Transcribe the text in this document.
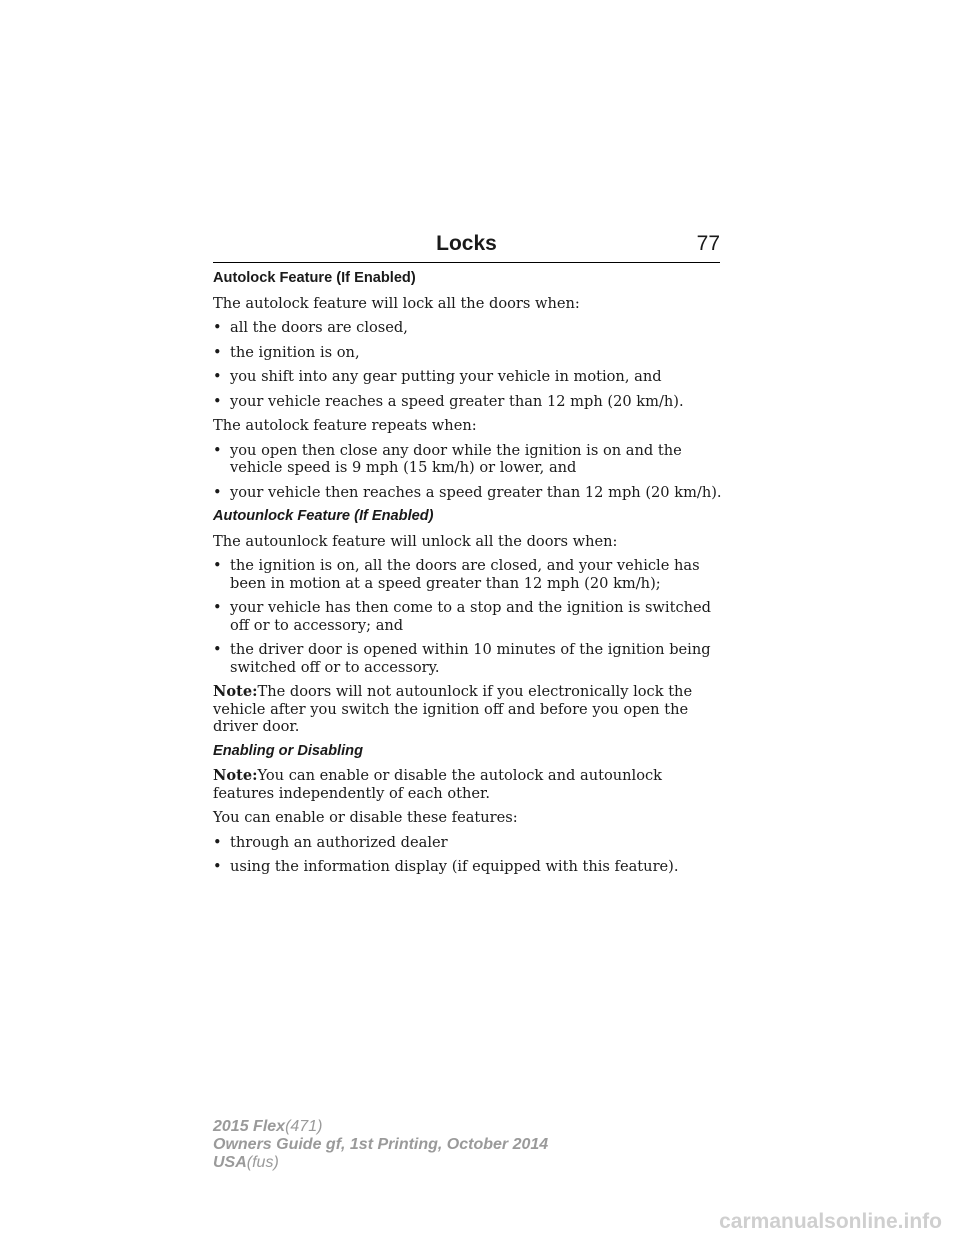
Locks	77
Autolock Feature (If Enabled)

The autolock feature will lock all the doors when:

• all the doors are closed,
• the ignition is on,
• you shift into any gear putting your vehicle in motion, and
• your vehicle reaches a speed greater than 12 mph (20 km/h).

The autolock feature repeats when:

• you open then close any door while the ignition is on and the vehicle speed is 9 mph (15 km/h) or lower, and
• your vehicle then reaches a speed greater than 12 mph (20 km/h).
Autounlock Feature (If Enabled)

The autounlock feature will unlock all the doors when:

• the ignition is on, all the doors are closed, and your vehicle has been in motion at a speed greater than 12 mph (20 km/h);
• your vehicle has then come to a stop and the ignition is switched off or to accessory; and
• the driver door is opened within 10 minutes of the ignition being switched off or to accessory.

Note:The doors will not autounlock if you electronically lock the vehicle after you switch the ignition off and before you open the driver door.

Enabling or Disabling

Note:You can enable or disable the autolock and autounlock features independently of each other.

You can enable or disable these features:

• through an authorized dealer
• using the information display (if equipped with this feature).
2015 Flex(471)
Owners Guide gf, 1st Printing, October 2014
USA(fus)
carmanualsonline.info
